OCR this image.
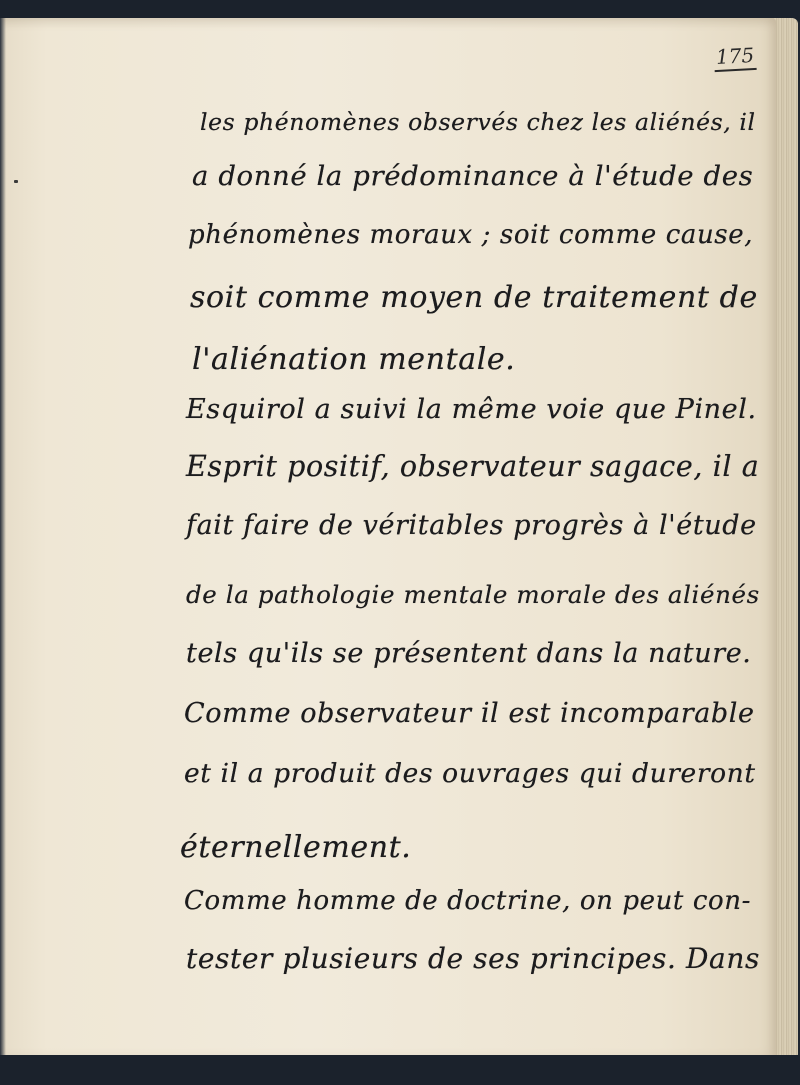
175
les phénomènes observés chez les aliénés, il
a donné la prédominance à l'étude des
phénomènes moraux ; soit comme cause,
soit comme moyen de traitement de
l'aliénation mentale.
Esquirol a suivi la même voie que Pinel.
Esprit positif, observateur sagace, il a
fait faire de véritables progrès à l'étude
de la pathologie mentale morale des aliénés
tels qu'ils se présentent dans la nature.
Comme observateur il est incomparable
et il a produit des ouvrages qui dureront
éternellement.
Comme homme de doctrine, on peut con-
tester plusieurs de ses principes. Dans
